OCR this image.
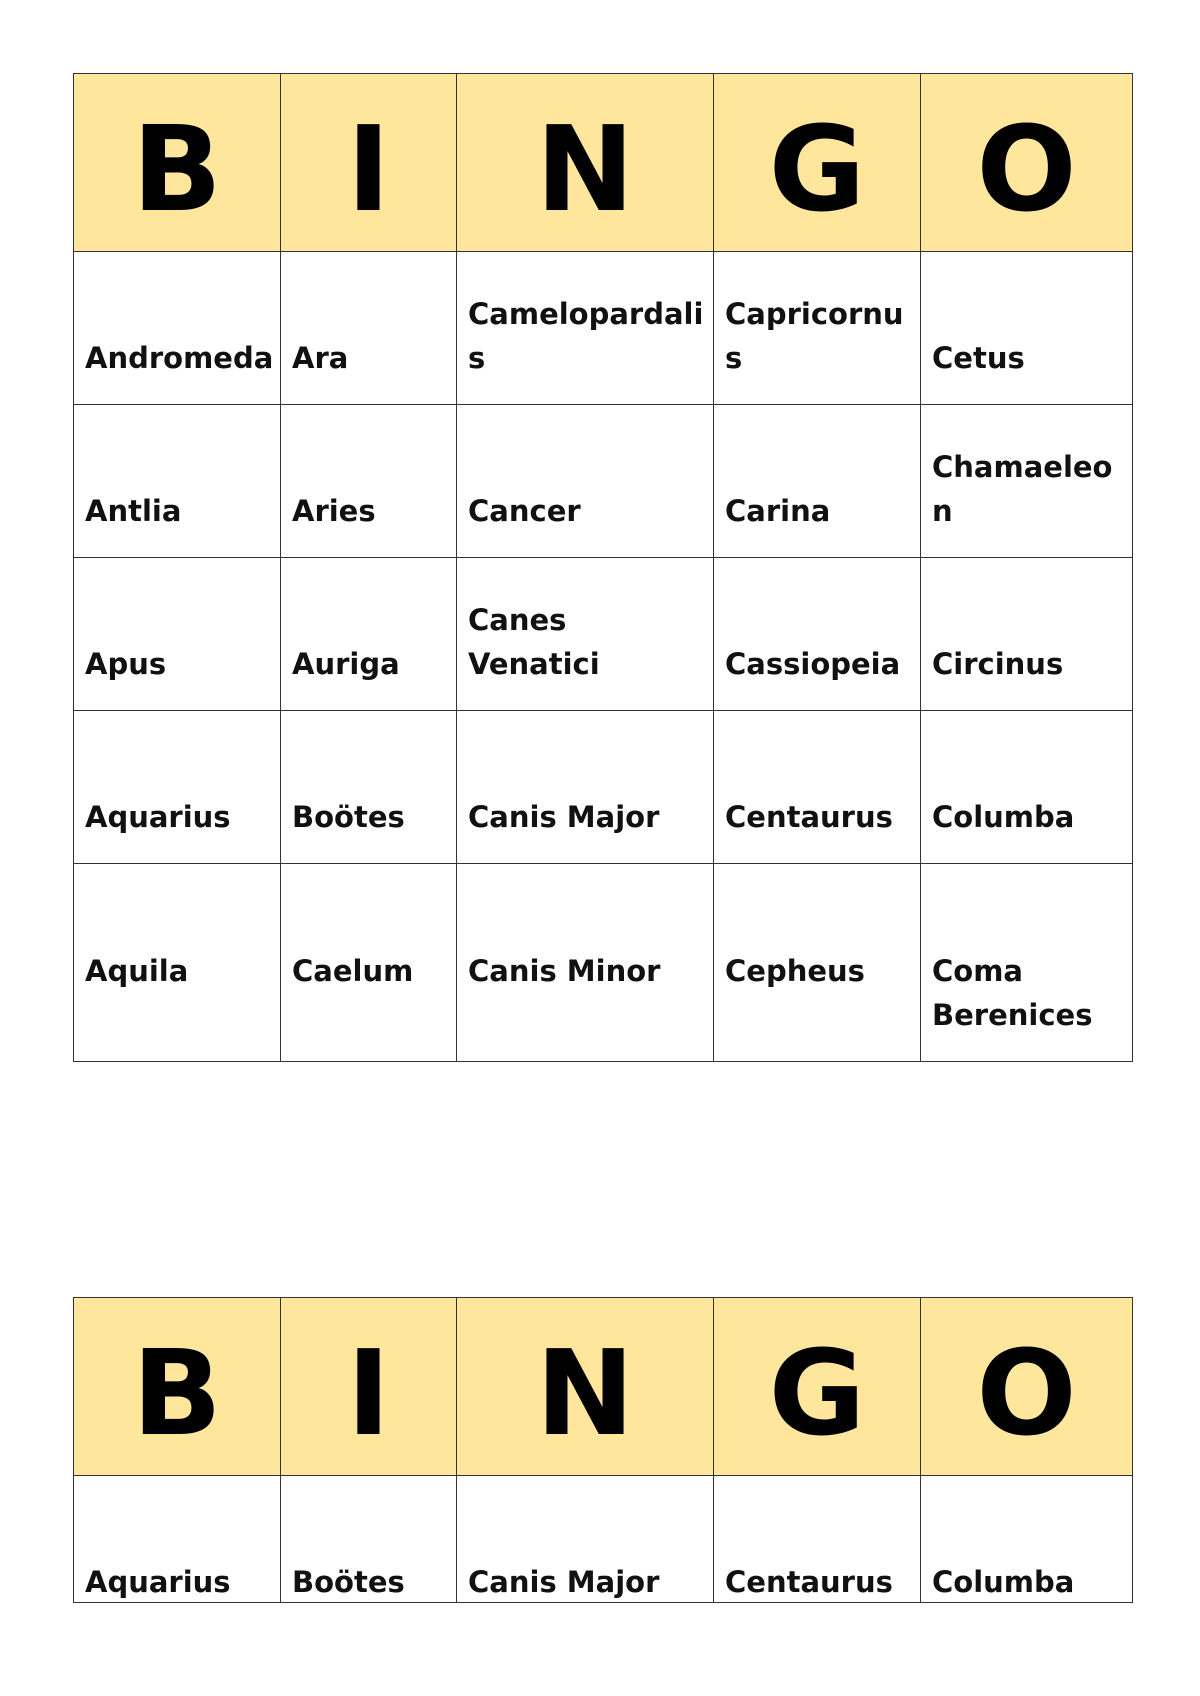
B	I	N	G	O

Andromeda	Ara	Camelopardalis	Capricornus	Cetus

Antlia	Aries	Cancer	Carina	Chamaeleon

Apus	Auriga	Canes Venatici	Cassiopeia	Circinus

Aquarius	Boötes	Canis Major	Centaurus	Columba

Aquila	Caelum	Canis Minor	Cepheus	Coma Berenices
B	I	N	G	O

Aquarius	Boötes	Canis Major	Centaurus	Columba
